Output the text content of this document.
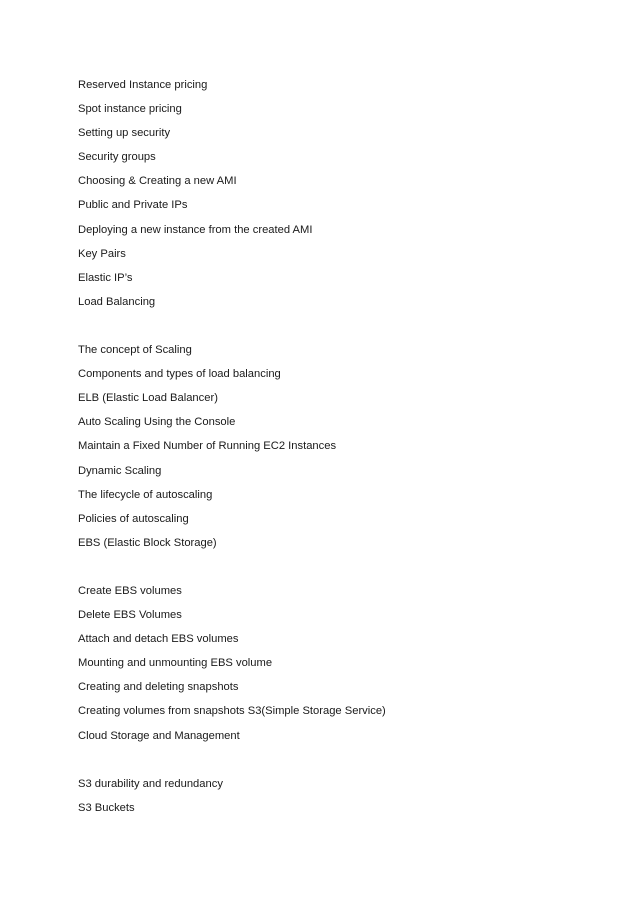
Reserved Instance pricing
Spot instance pricing
Setting up security
Security groups
Choosing & Creating a new AMI
Public and Private IPs
Deploying a new instance from the created AMI
Key Pairs
Elastic IP’s
Load Balancing
The concept of Scaling
Components and types of load balancing
ELB (Elastic Load Balancer)
Auto Scaling Using the Console
Maintain a Fixed Number of Running EC2 Instances
Dynamic Scaling
The lifecycle of autoscaling
Policies of autoscaling
EBS (Elastic Block Storage)
Create EBS volumes
Delete EBS Volumes
Attach and detach EBS volumes
Mounting and unmounting EBS volume
Creating and deleting snapshots
Creating volumes from snapshots S3(Simple Storage Service)
Cloud Storage and Management
S3 durability and redundancy
S3 Buckets
